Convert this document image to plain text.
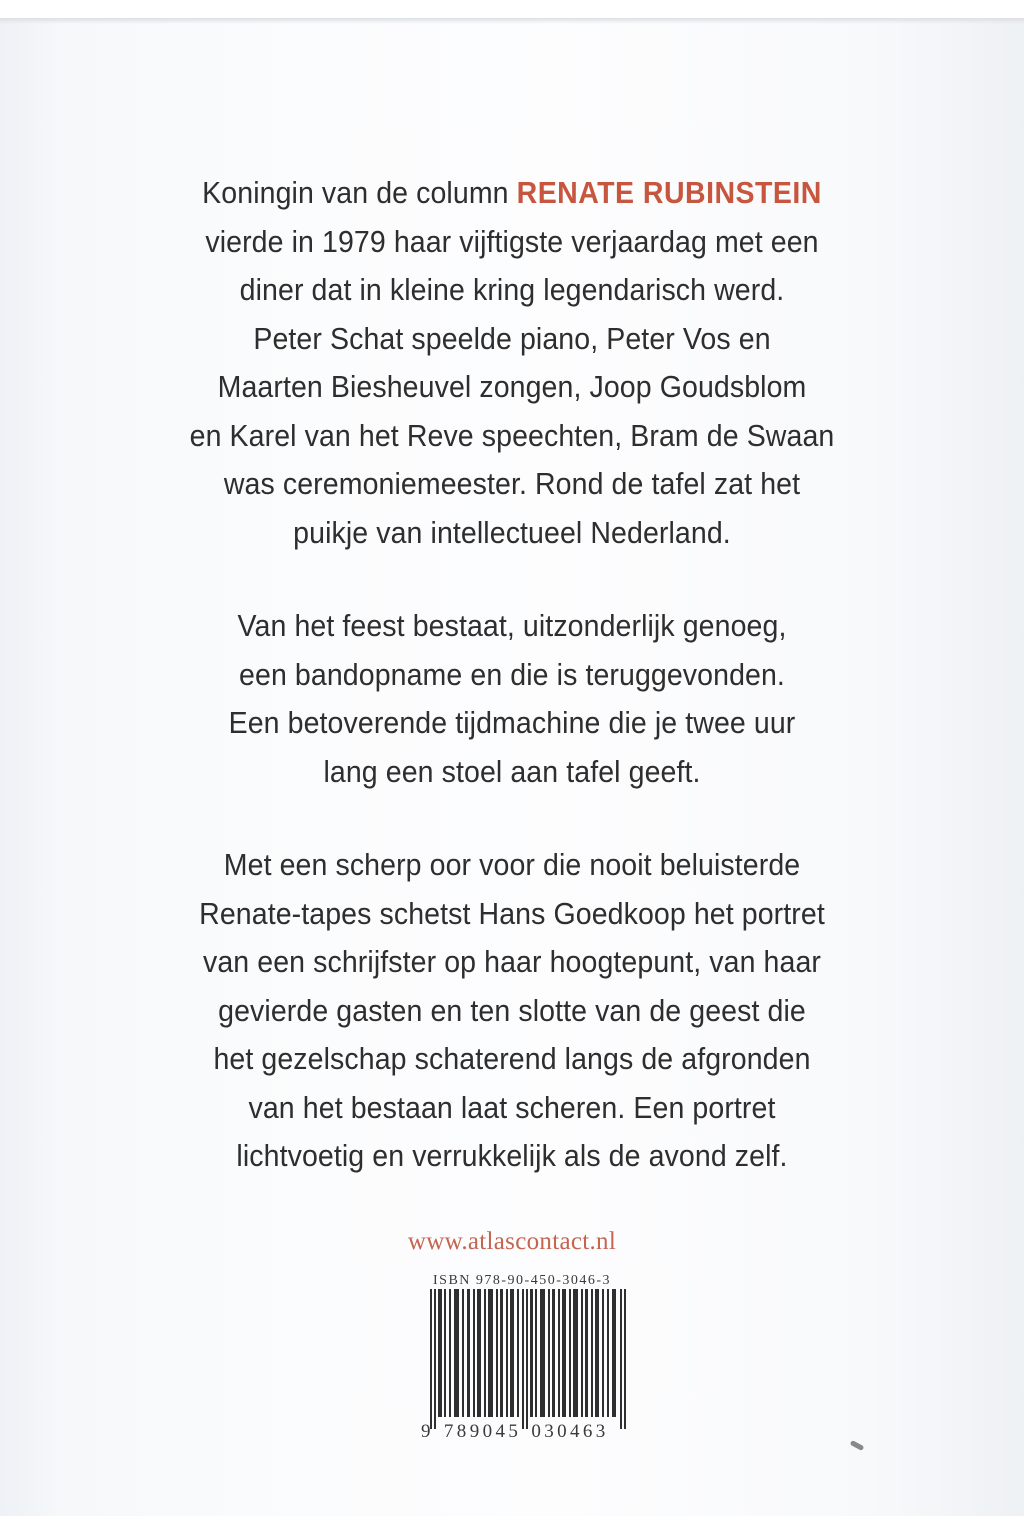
Koningin van de column RENATE RUBINSTEIN
vierde in 1979 haar vijftigste verjaardag met een
diner dat in kleine kring legendarisch werd.
Peter Schat speelde piano, Peter Vos en
Maarten Biesheuvel zongen, Joop Goudsblom
en Karel van het Reve speechten, Bram de Swaan
was ceremoniemeester. Rond de tafel zat het
puikje van intellectueel Nederland.
Van het feest bestaat, uitzonderlijk genoeg,
een bandopname en die is teruggevonden.
Een betoverende tijdmachine die je twee uur
lang een stoel aan tafel geeft.
Met een scherp oor voor die nooit beluisterde
Renate-tapes schetst Hans Goedkoop het portret
van een schrijfster op haar hoogtepunt, van haar
gevierde gasten en ten slotte van de geest die
het gezelschap schaterend langs de afgronden
van het bestaan laat scheren. Een portret
lichtvoetig en verrukkelijk als de avond zelf.
www.atlascontact.nl
ISBN 978-90-450-3046-3
9 789045 030463
